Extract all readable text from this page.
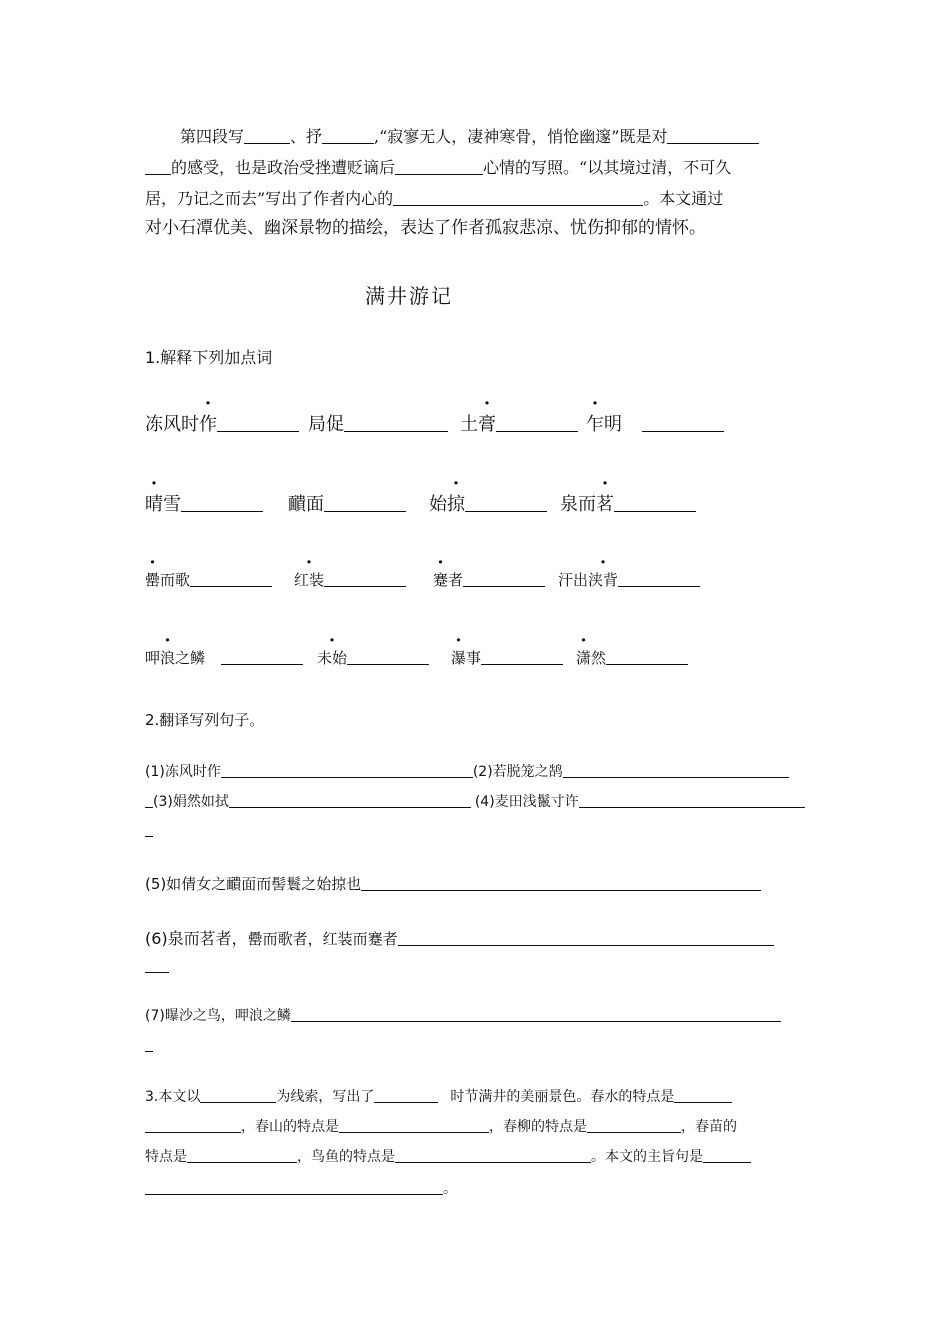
第四段写	、抒	,“寂寥无人，凄神寒骨，悄怆幽邃”既是对
的感受，也是政治受挫遭贬谪后	心情的写照。“以其境过清，不可久
居，乃记之而去”写出了作者内心的	。本文通过
对小石潭优美、幽深景物的描绘，表达了作者孤寂悲凉、忧伤抑郁的情怀。
满井游记
1.解释下列加点词
冻风时作	局促	土膏	乍明
晴雪	靧面	始掠	泉而茗
罍而歌	红装	蹇者	汗出浃背
呷浪之鳞	未始	瀑事	潇然
2.翻译写列句子。
(1)冻风时作	(2)若脱笼之鹄
(3)娟然如拭	(4)麦田浅鬣寸许
(5)如倩女之靧面而髻鬟之始掠也
(6)泉而茗者，罍而歌者，红装而蹇者
(7)曝沙之鸟，呷浪之鳞
3.本文以	为线索，写出了	时节满井的美丽景色。春水的特点是
，春山的特点是	，春柳的特点是	，春苗的
特点是	，鸟鱼的特点是	。本文的主旨句是
。
